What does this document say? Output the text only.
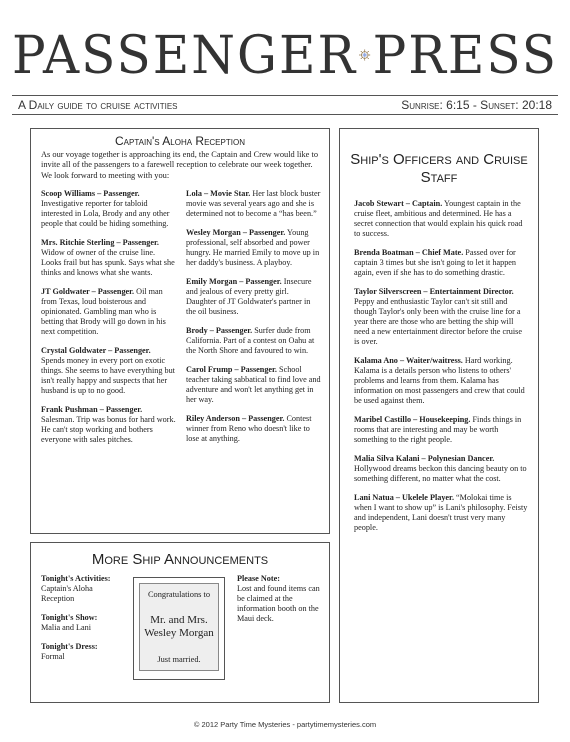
PASSENGER PRESS
A Daily guide to cruise activities	Sunrise: 6:15 - Sunset: 20:18
Captain's Aloha Reception
As our voyage together is approaching its end, the Captain and Crew would like to invite all of the passengers to a farewell reception to celebrate our week together. We look forward to meeting with you:
Scoop Williams – Passenger. Investigative reporter for tabloid interested in Lola, Brody and any other people that could be hiding something.
Mrs. Ritchie Sterling – Passenger. Widow of owner of the cruise line. Looks frail but has spunk. Says what she thinks and knows what she wants.
JT Goldwater – Passenger. Oil man from Texas, loud boisterous and opinionated. Gambling man who is betting that Brody will go down in his next competition.
Crystal Goldwater – Passenger. Spends money in every port on exotic things. She seems to have everything but isn't really happy and suspects that her husband is up to no good.
Frank Pushman – Passenger. Salesman. Trip was bonus for hard work. He can't stop working and bothers everyone with sales pitches.
Lola – Movie Star. Her last block buster movie was several years ago and she is determined not to become a “has been.”
Wesley Morgan – Passenger. Young professional, self absorbed and power hungry. He married Emily to move up in her daddy's business. A playboy.
Emily Morgan – Passenger. Insecure and jealous of every pretty girl. Daughter of JT Goldwater's partner in the oil business.
Brody – Passenger. Surfer dude from California. Part of a contest on Oahu at the North Shore and favoured to win.
Carol Frump – Passenger. School teacher taking sabbatical to find love and adventure and won't let anything get in her way.
Riley Anderson – Passenger. Contest winner from Reno who doesn't like to lose at anything.
Ship's Officers and Cruise Staff
Jacob Stewart – Captain. Youngest captain in the cruise fleet, ambitious and determined. He has a secret connection that would explain his quick road to success.
Brenda Boatman – Chief Mate. Passed over for captain 3 times but she isn't going to let it happen again, even if she has to do something drastic.
Taylor Silverscreen – Entertainment Director. Peppy and enthusiastic Taylor can't sit still and though Taylor's only been with the cruise line for a year there are those who are betting the ship will need a new entertainment director before the cruise is over.
Kalama Ano – Waiter/waitress. Hard working. Kalama is a details person who listens to others' problems and learns from them. Kalama has information on most passengers and crew that could be used against them.
Maribel Castillo – Housekeeping. Finds things in rooms that are interesting and may be worth something to the right people.
Malia Silva Kalani – Polynesian Dancer. Hollywood dreams beckon this dancing beauty on to something different, no matter what the cost.
Lani Natua – Ukelele Player. “Molokai time is when I want to show up” is Lani's philosophy. Feisty and independent, Lani doesn't trust very many people.
More Ship Announcements
Tonight's Activities:
Captain's Aloha Reception
Tonight's Show:
Malia and Lani
Tonight's Dress:
Formal
Congratulations to
Mr. and Mrs. Wesley Morgan
Just married.
Please Note:
Lost and found items can be claimed at the information booth on the Maui deck.
© 2012 Party Time Mysteries - partytimemysteries.com
